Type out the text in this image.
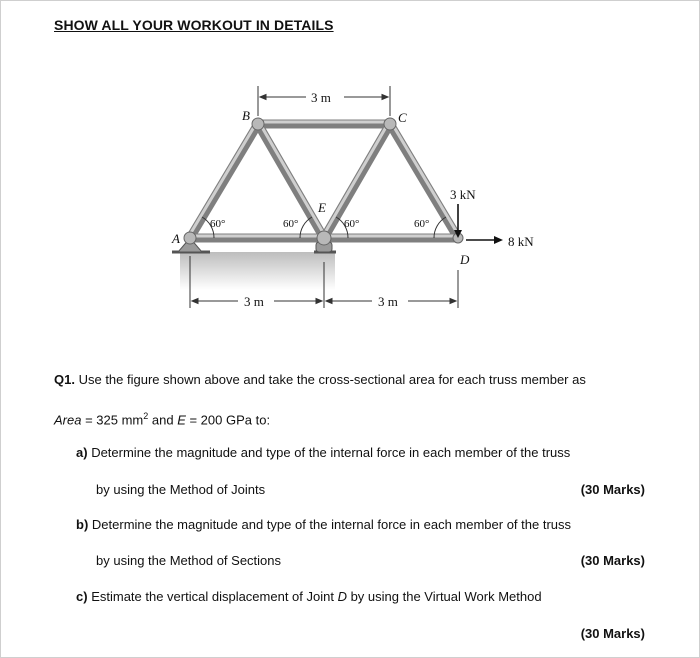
SHOW ALL YOUR WORKOUT IN DETAILS
60°	60°	60°	60°
A
B	C
D
E
3 m
3 m	3 m
3 kN
8 kN
Q1. Use the figure shown above and take the cross-sectional area for each truss member as
Area = 325 $mm^2$ and E = 200 GPa to:
a) Determine the magnitude and type of the internal force in each member of the truss
by using the Method of Joints	(30 Marks)
b) Determine the magnitude and type of the internal force in each member of the truss
by using the Method of Sections	(30 Marks)
c) Estimate the vertical displacement of Joint D by using the Virtual Work Method
(30 Marks)
